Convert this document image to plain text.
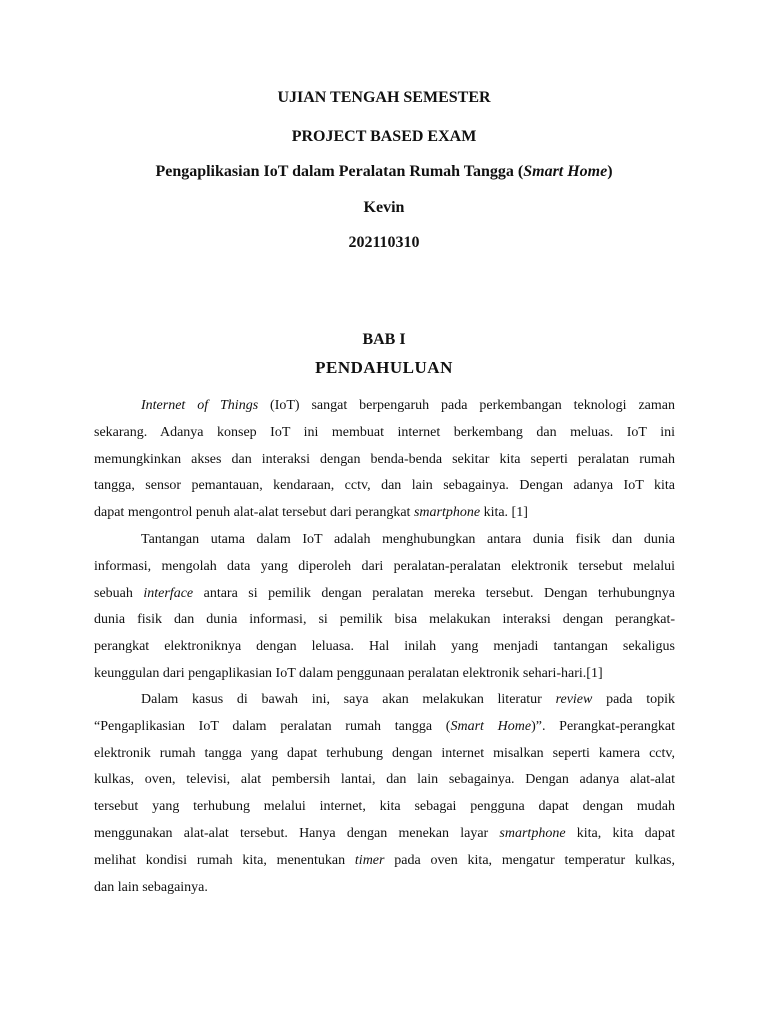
UJIAN TENGAH SEMESTER
PROJECT BASED EXAM
Pengaplikasian IoT dalam Peralatan Rumah Tangga (Smart Home)
Kevin
202110310
BAB I
PENDAHULUAN
Internet of Things (IoT) sangat berpengaruh pada perkembangan teknologi zaman
sekarang. Adanya konsep IoT ini membuat internet berkembang dan meluas. IoT ini
memungkinkan akses dan interaksi dengan benda-benda sekitar kita seperti peralatan rumah
tangga, sensor pemantauan, kendaraan, cctv, dan lain sebagainya. Dengan adanya IoT kita
dapat mengontrol penuh alat-alat tersebut dari perangkat smartphone kita. [1]
Tantangan utama dalam IoT adalah menghubungkan antara dunia fisik dan dunia
informasi, mengolah data yang diperoleh dari peralatan-peralatan elektronik tersebut melalui
sebuah interface antara si pemilik dengan peralatan mereka tersebut. Dengan terhubungnya
dunia fisik dan dunia informasi, si pemilik bisa melakukan interaksi dengan perangkat-
perangkat elektroniknya dengan leluasa. Hal inilah yang menjadi tantangan sekaligus
keunggulan dari pengaplikasian IoT dalam penggunaan peralatan elektronik sehari-hari.[1]
Dalam kasus di bawah ini, saya akan melakukan literatur review pada topik
“Pengaplikasian IoT dalam peralatan rumah tangga (Smart Home)”. Perangkat-perangkat
elektronik rumah tangga yang dapat terhubung dengan internet misalkan seperti kamera cctv,
kulkas, oven, televisi, alat pembersih lantai, dan lain sebagainya. Dengan adanya alat-alat
tersebut yang terhubung melalui internet, kita sebagai pengguna dapat dengan mudah
menggunakan alat-alat tersebut. Hanya dengan menekan layar smartphone kita, kita dapat
melihat kondisi rumah kita, menentukan timer pada oven kita, mengatur temperatur kulkas,
dan lain sebagainya.
